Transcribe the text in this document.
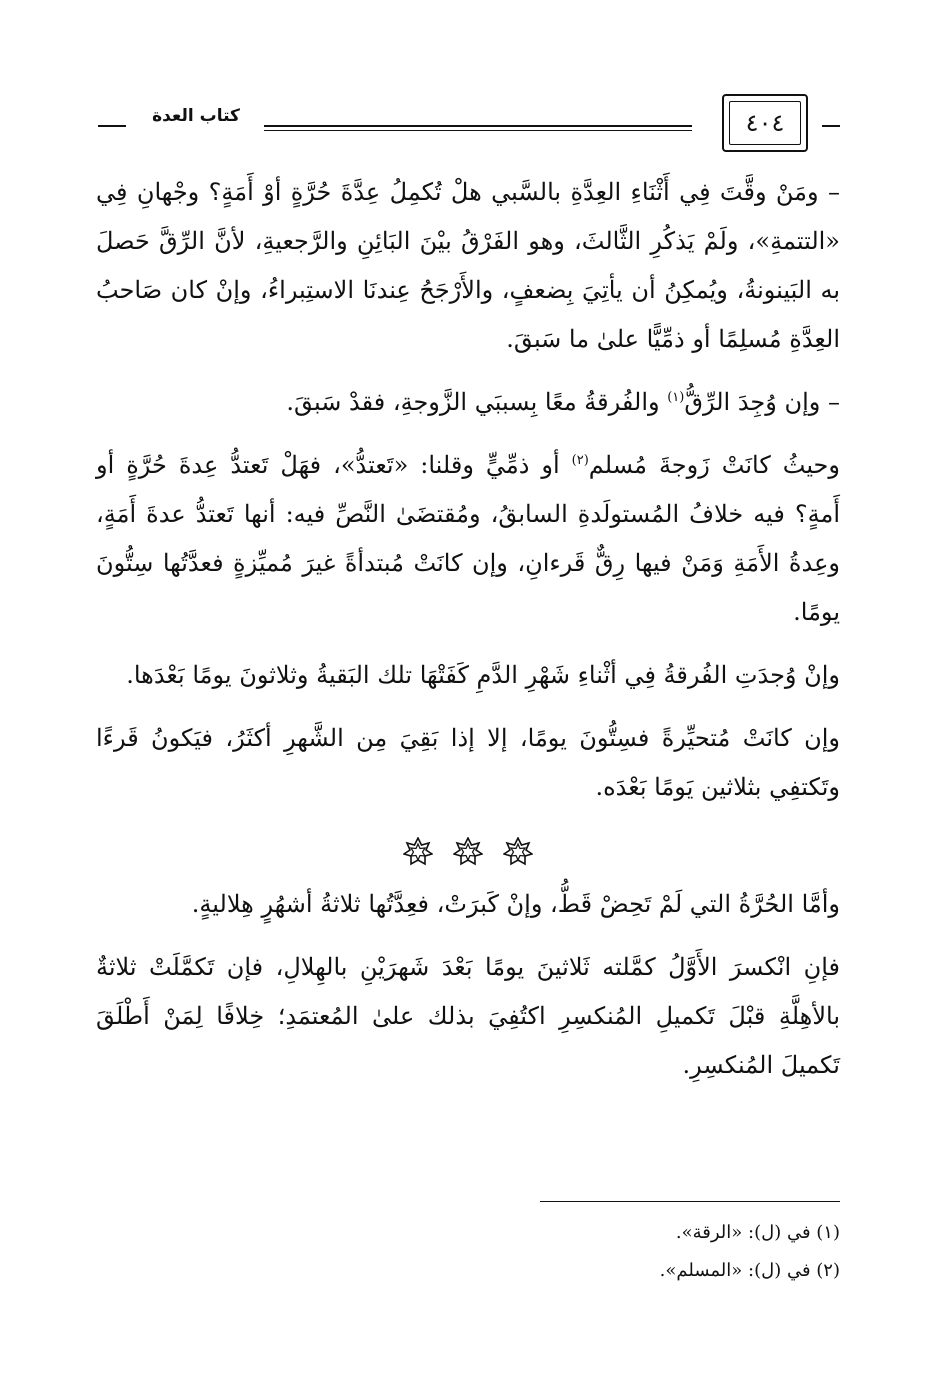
كتاب العدة	٤٠٤

– ومَنْ وقَّتَ فِي أَثْنَاءِ العِدَّةِ بالسَّبي هلْ تُكمِلُ عِدَّةَ حُرَّةٍ أوْ أَمَةٍ؟ وجْهانِ فِي «التتمةِ»، ولَمْ يَذكُرِ الثَّالثَ، وهو الفَرْقُ بيْنَ البَائِنِ والرَّجعيةِ، لأنَّ الرِّقَّ حَصلَ به البَينونةُ، ويُمكِنُ أن يأتِيَ بِضعفٍ، والأَرْجَحُ عِندنَا الاستِبراءُ، وإنْ كان صَاحبُ العِدَّةِ مُسلِمًا أو ذمِّيًّا علىٰ ما سَبقَ.

– وإن وُجِدَ الرِّقُّ$^{(١)}$ والفُرقةُ معًا بِسببَي الزَّوجةِ، فقدْ سَبقَ.

وحيثُ كانَتْ زَوجةَ مُسلم$^{(٢)}$ أو ذمِّيٍّ وقلنا: «تَعتدُّ»، فهَلْ تَعتدُّ عِدةَ حُرَّةٍ أو أَمةٍ؟ فيه خلافُ المُستولَدةِ السابقُ، ومُقتضَىٰ النَّصِّ فيه: أنها تَعتدُّ عدةَ أَمَةٍ، وعِدةُ الأَمَةِ وَمَنْ فيها رِقٌّ قَرءانِ، وإن كانَتْ مُبتدأةً غيرَ مُميِّزةٍ فعدَّتُها سِتُّونَ يومًا.

وإنْ وُجدَتِ الفُرقةُ فِي أثْناءِ شَهْرِ الدَّمِ كَفَتْهَا تلك البَقيةُ وثلاثونَ يومًا بَعْدَها.

وإن كانَتْ مُتحيِّرةً فسِتُّونَ يومًا، إلا إذا بَقِيَ مِن الشَّهرِ أكثَرُ، فيَكونُ قَرءًا وتَكتفِي بثلاثين يَومًا بَعْدَه.

وأمَّا الحُرَّةُ التي لَمْ تَحِضْ قَطُّ، وإنْ كَبرَتْ، فعِدَّتُها ثلاثةُ أشهُرٍ هِلاليةٍ.

فإنِ انْكسرَ الأَوَّلُ كمَّلته ثَلاثينَ يومًا بَعْدَ شَهرَيْنِ بالهِلالِ، فإن تَكمَّلَتْ ثلاثةٌ بالأهِلَّةِ قبْلَ تَكميلِ المُنكسِرِ اكتُفِيَ بذلك علىٰ المُعتمَدِ؛ خِلافًا لِمَنْ أَطْلَقَ تَكميلَ المُنكسِرِ.

(١) في (ل): «الرقة».

(٢) في (ل): «المسلم».
